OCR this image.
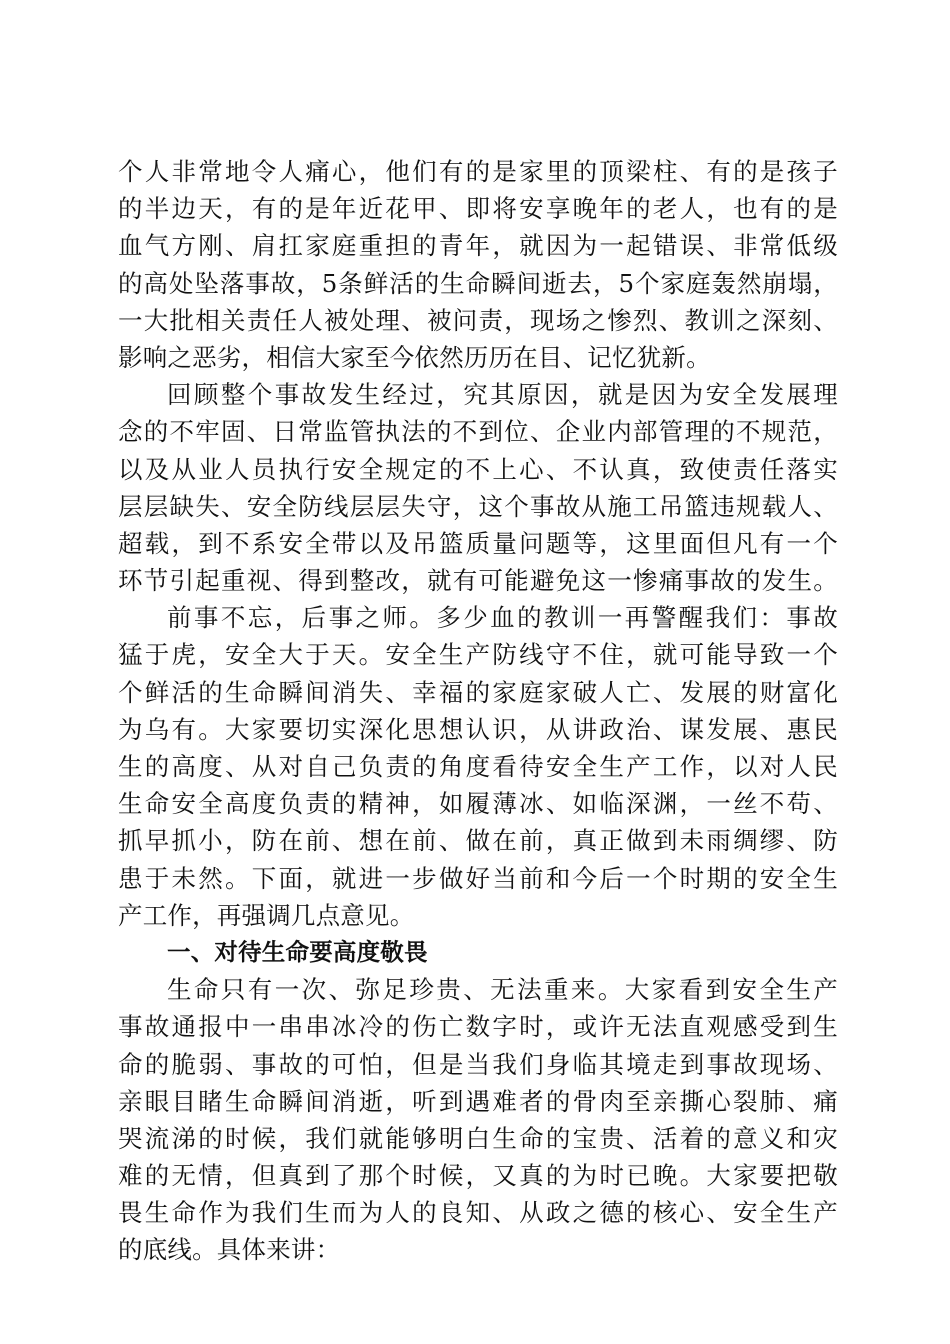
个人非常地令人痛心，他们有的是家里的顶梁柱、有的是孩子
的半边天，有的是年近花甲、即将安享晚年的老人，也有的是
血气方刚、肩扛家庭重担的青年，就因为一起错误、非常低级
的高处坠落事故，5条鲜活的生命瞬间逝去，5个家庭轰然崩塌，
一大批相关责任人被处理、被问责，现场之惨烈、教训之深刻、
影响之恶劣，相信大家至今依然历历在目、记忆犹新。
回顾整个事故发生经过，究其原因，就是因为安全发展理
念的不牢固、日常监管执法的不到位、企业内部管理的不规范，
以及从业人员执行安全规定的不上心、不认真，致使责任落实
层层缺失、安全防线层层失守，这个事故从施工吊篮违规载人、
超载，到不系安全带以及吊篮质量问题等，这里面但凡有一个
环节引起重视、得到整改，就有可能避免这一惨痛事故的发生。
前事不忘，后事之师。多少血的教训一再警醒我们：事故
猛于虎，安全大于天。安全生产防线守不住，就可能导致一个
个鲜活的生命瞬间消失、幸福的家庭家破人亡、发展的财富化
为乌有。大家要切实深化思想认识，从讲政治、谋发展、惠民
生的高度、从对自己负责的角度看待安全生产工作，以对人民
生命安全高度负责的精神，如履薄冰、如临深渊，一丝不苟、
抓早抓小，防在前、想在前、做在前，真正做到未雨绸缪、防
患于未然。下面，就进一步做好当前和今后一个时期的安全生
产工作，再强调几点意见。
一、对待生命要高度敬畏
生命只有一次、弥足珍贵、无法重来。大家看到安全生产
事故通报中一串串冰冷的伤亡数字时，或许无法直观感受到生
命的脆弱、事故的可怕，但是当我们身临其境走到事故现场、
亲眼目睹生命瞬间消逝，听到遇难者的骨肉至亲撕心裂肺、痛
哭流涕的时候，我们就能够明白生命的宝贵、活着的意义和灾
难的无情，但真到了那个时候，又真的为时已晚。大家要把敬
畏生命作为我们生而为人的良知、从政之德的核心、安全生产
的底线。具体来讲：
